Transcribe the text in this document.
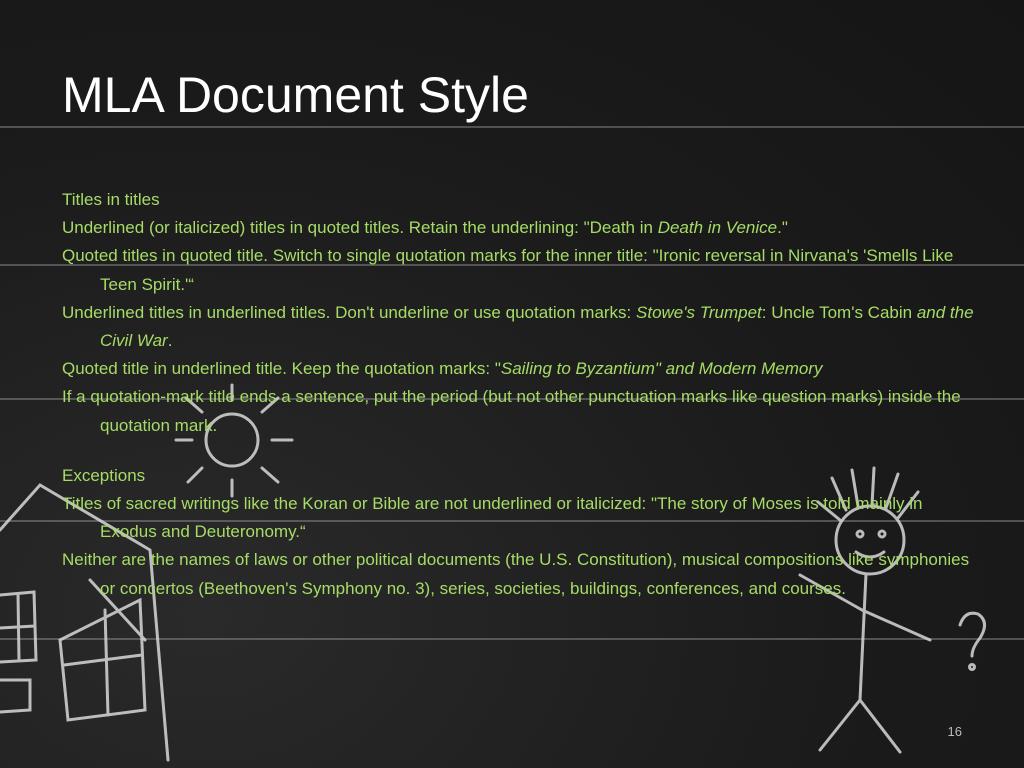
MLA Document Style
Titles in titles
Underlined (or italicized) titles in quoted titles. Retain the underlining: "Death in Death in Venice."
Quoted titles in quoted title. Switch to single quotation marks for the inner title: "Ironic reversal in Nirvana's 'Smells Like Teen Spirit.'“
Underlined titles in underlined titles. Don't underline or use quotation marks: Stowe's Trumpet: Uncle Tom's Cabin and the Civil War.
Quoted title in underlined title. Keep the quotation marks: "Sailing to Byzantium" and Modern Memory
If a quotation-mark title ends a sentence, put the period (but not other punctuation marks like question marks) inside the quotation mark.
Exceptions
Titles of sacred writings like the Koran or Bible are not underlined or italicized: "The story of Moses is told mainly in Exodus and Deuteronomy.“
Neither are the names of laws or other political documents (the U.S. Constitution), musical compositions like symphonies or concertos (Beethoven's Symphony no. 3), series, societies, buildings, conferences, and courses.
16
